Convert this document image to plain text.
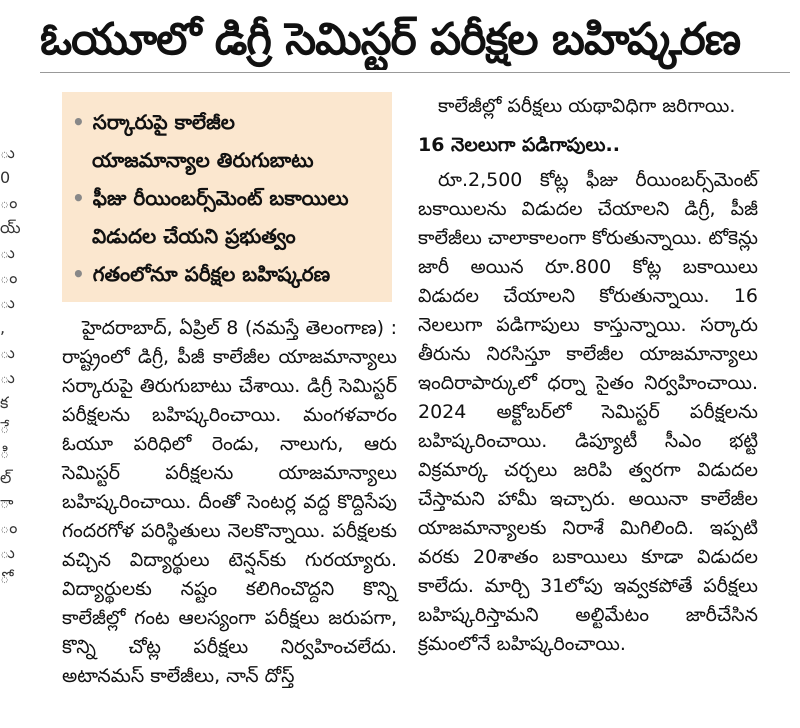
ఓయూలో డిగ్రీ సెమిస్టర్ పరీక్షల బహిష్కరణ
ు
0
ం
య్
ు
ం
ు
,
ు
ు
క
ే
ి
ల్
ా
ం
ు
ో
• సర్కారుపై కాలేజీల
యాజమాన్యాల తిరుగుబాటు
• ఫీజు రీయింబర్స్‌మెంట్ బకాయిలు
విడుదల చేయని ప్రభుత్వం
• గతంలోనూ పరీక్షల బహిష్కరణ

హైదరాబాద్, ఏప్రిల్ 8 (నమస్తే తెలంగాణ) : రాష్ట్రంలో డిగ్రీ, పీజీ కాలేజీల యాజమాన్యాలు సర్కారుపై తిరుగుబాటు చేశాయి. డిగ్రీ సెమిస్టర్ పరీక్షలను బహిష్కరించాయి. మంగళవారం ఓయూ పరిధిలో రెండు, నాలుగు, ఆరు సెమిస్టర్ పరీక్షలను యాజమాన్యాలు బహిష్కరించాయి. దీంతో సెంటర్ల వద్ద కొద్దిసేపు గందరగోళ పరిస్థితులు నెలకొన్నాయి. పరీక్షలకు వచ్చిన విద్యార్థులు టెన్షన్‌కు గురయ్యారు. విద్యార్థులకు నష్టం కలిగించొద్దని కొన్ని కాలేజీల్లో గంట ఆలస్యంగా పరీక్షలు జరుపగా, కొన్ని చోట్ల పరీక్షలు నిర్వహించలేదు. అటానమస్ కాలేజీలు, నాన్ దోస్త్

కాలేజీల్లో పరీక్షలు యథావిధిగా జరిగాయి.

16 నెలలుగా పడిగాపులు..

రూ.2,500 కోట్ల ఫీజు రీయింబర్స్‌మెంట్ బకాయిలను విడుదల చేయాలని డిగ్రీ, పీజీ కాలేజీలు చాలాకాలంగా కోరుతున్నాయి. టోకెన్లు జారీ అయిన రూ.800 కోట్ల బకాయిలు విడుదల చేయాలని కోరుతున్నాయి. 16 నెలలుగా పడిగాపులు కాస్తున్నాయి. సర్కారు తీరును నిరసిస్తూ కాలేజీల యాజమాన్యాలు ఇందిరాపార్కులో ధర్నా సైతం నిర్వహించాయి. 2024 అక్టోబర్‌లో సెమిస్టర్ పరీక్షలను బహిష్కరించాయి. డిప్యూటీ సీఎం భట్టి విక్రమార్క చర్చలు జరిపి త్వరగా విడుదల చేస్తామని హామీ ఇచ్చారు. అయినా కాలేజీల యాజమాన్యాలకు నిరాశే మిగిలింది. ఇప్పటి వరకు 20శాతం బకాయిలు కూడా విడుదల కాలేదు. మార్చి 31లోపు ఇవ్వకపోతే పరీక్షలు బహిష్కరిస్తామని అల్టిమేటం జారీచేసిన క్రమంలోనే బహిష్కరించాయి.
